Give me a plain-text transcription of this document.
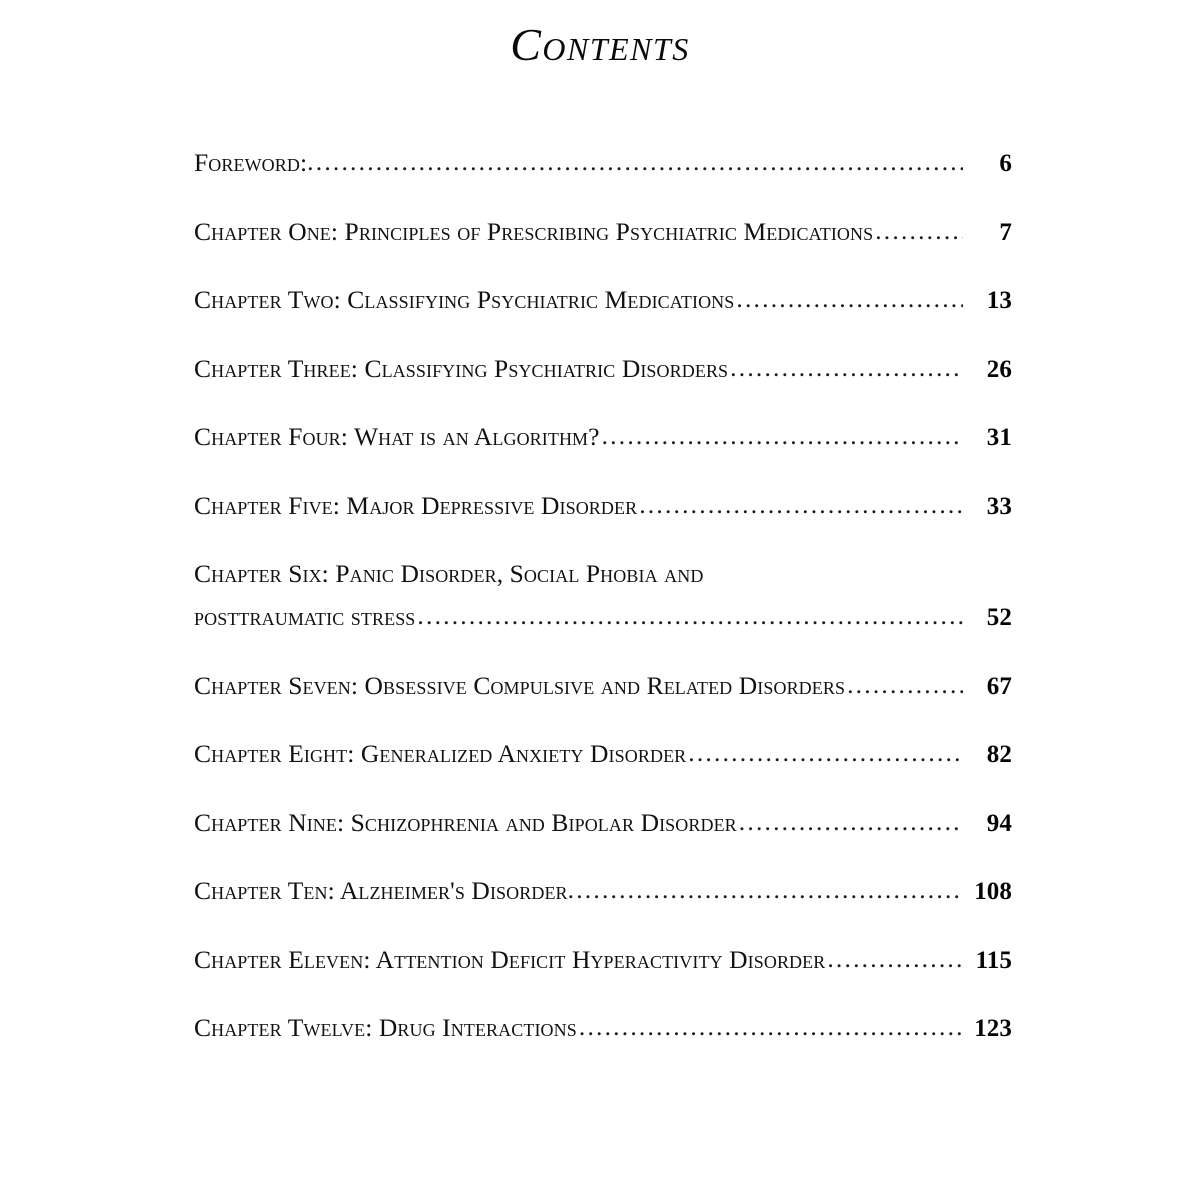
Contents
Foreword: .....	6
Chapter One: Principles of Prescribing Psychiatric Medications .....	7
Chapter Two: Classifying Psychiatric Medications .....	13
Chapter Three: Classifying Psychiatric Disorders .....	26
Chapter Four: What is an Algorithm? .....	31
Chapter Five: Major Depressive Disorder .....	33
Chapter Six: Panic Disorder, Social Phobia and
posttraumatic stress .....	52
Chapter Seven: Obsessive Compulsive and Related Disorders .....	67
Chapter Eight: Generalized Anxiety Disorder .....	82
Chapter Nine: Schizophrenia and Bipolar Disorder .....	94
Chapter Ten: Alzheimer's Disorder .....	108
Chapter Eleven: Attention Deficit Hyperactivity Disorder .....	115
Chapter Twelve: Drug Interactions .....	123
